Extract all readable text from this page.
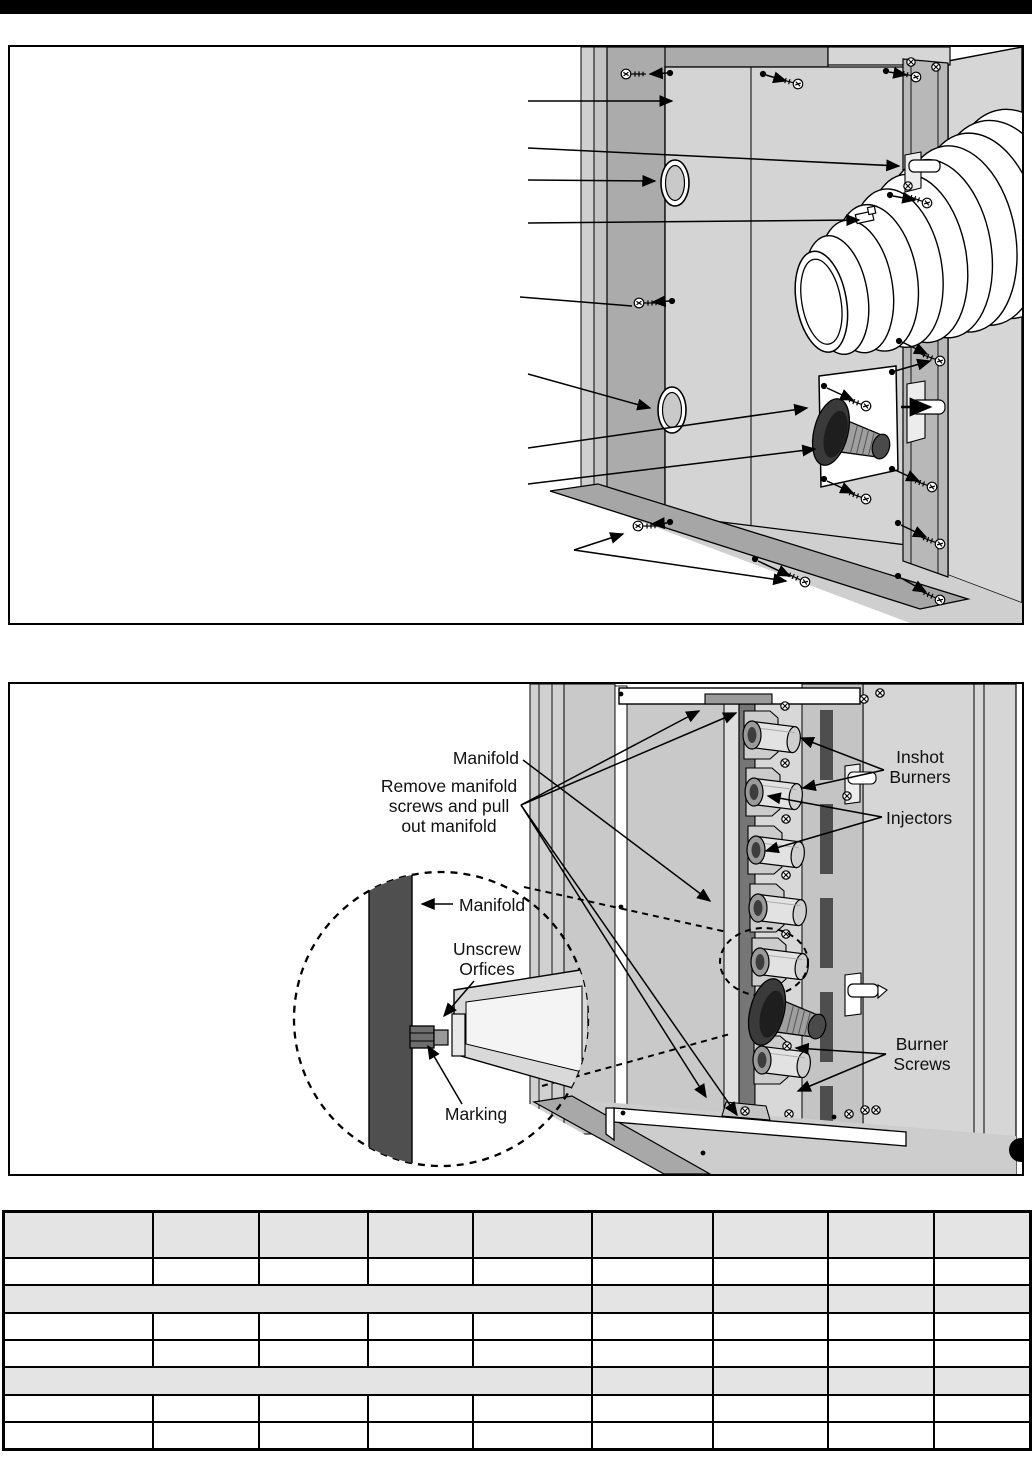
Manifold
Remove manifold
screws and pull
out manifold
Inshot
Burners
Injectors
Burner
Screws
Manifold
Unscrew
Orfices
Marking
